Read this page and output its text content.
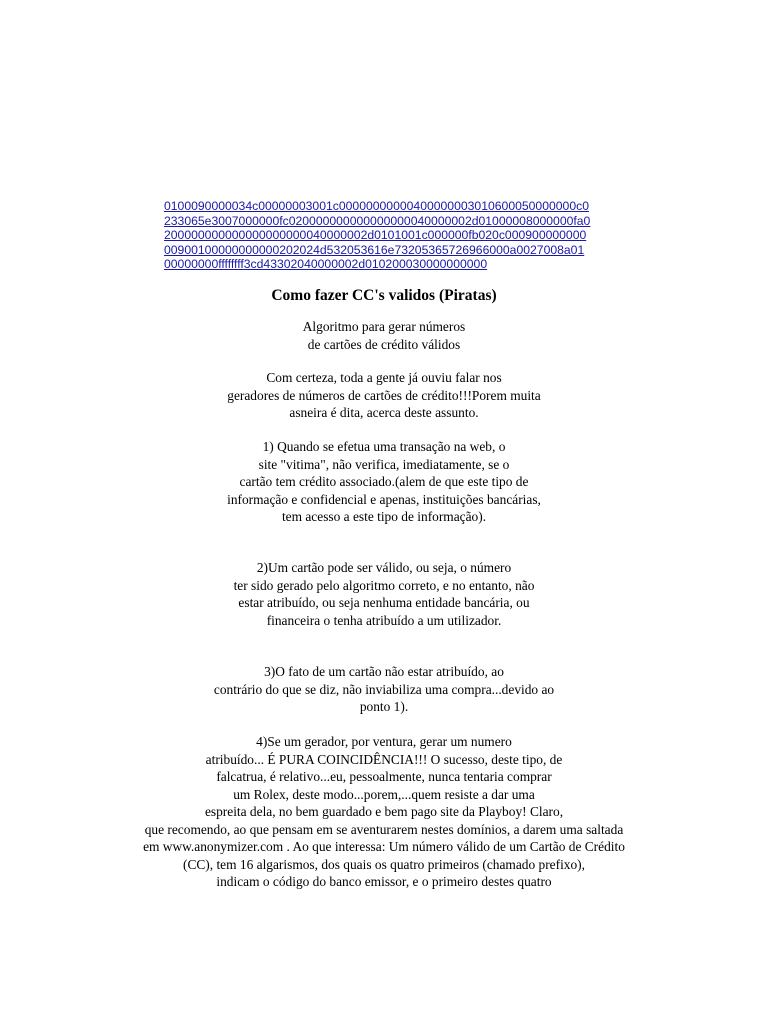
0100090000034c00000003001c00000000000400000003010600050000000c0
233065e3007000000fc020000000000000000040000002d01000008000000fa0
200000000000000000000040000002d0101001c000000fb020c000900000000
00900100000000000202024d532053616e73205365726966000a0027008a01
00000000ffffffff3cd43302040000002d010200030000000000
Como fazer CC's validos (Piratas)
Algoritmo para gerar números
de cartões de crédito válidos
Com certeza, toda a gente já ouviu falar nos
geradores de números de cartões de crédito!!!Porem muita
asneira é dita, acerca deste assunto.
1) Quando se efetua uma transação na web, o
site "vitima", não verifica, imediatamente, se o
cartão tem crédito associado.(alem de que este tipo de
informação e confidencial e apenas, instituições bancárias,
tem acesso a este tipo de informação).
2)Um cartão pode ser válido, ou seja, o número
ter sido gerado pelo algoritmo correto, e no entanto, não
estar atribuído, ou seja nenhuma entidade bancária, ou
financeira o tenha atribuído a um utilizador.
3)O fato de um cartão não estar atribuído, ao
contrário do que se diz, não inviabiliza uma compra...devido ao
ponto 1).
4)Se um gerador, por ventura, gerar um numero
atribuído... É PURA COINCIDÊNCIA!!! O sucesso, deste tipo, de
falcatrua, é relativo...eu, pessoalmente, nunca tentaria comprar
um Rolex, deste modo...porem,...quem resiste a dar uma
espreita dela, no bem guardado e bem pago site da Playboy! Claro,
que recomendo, ao que pensam em se aventurarem nestes domínios, a darem uma saltada
em www.anonymizer.com . Ao que interessa: Um número válido de um Cartão de Crédito
(CC), tem 16 algarismos, dos quais os quatro primeiros (chamado prefixo),
indicam o código do banco emissor, e o primeiro destes quatro
